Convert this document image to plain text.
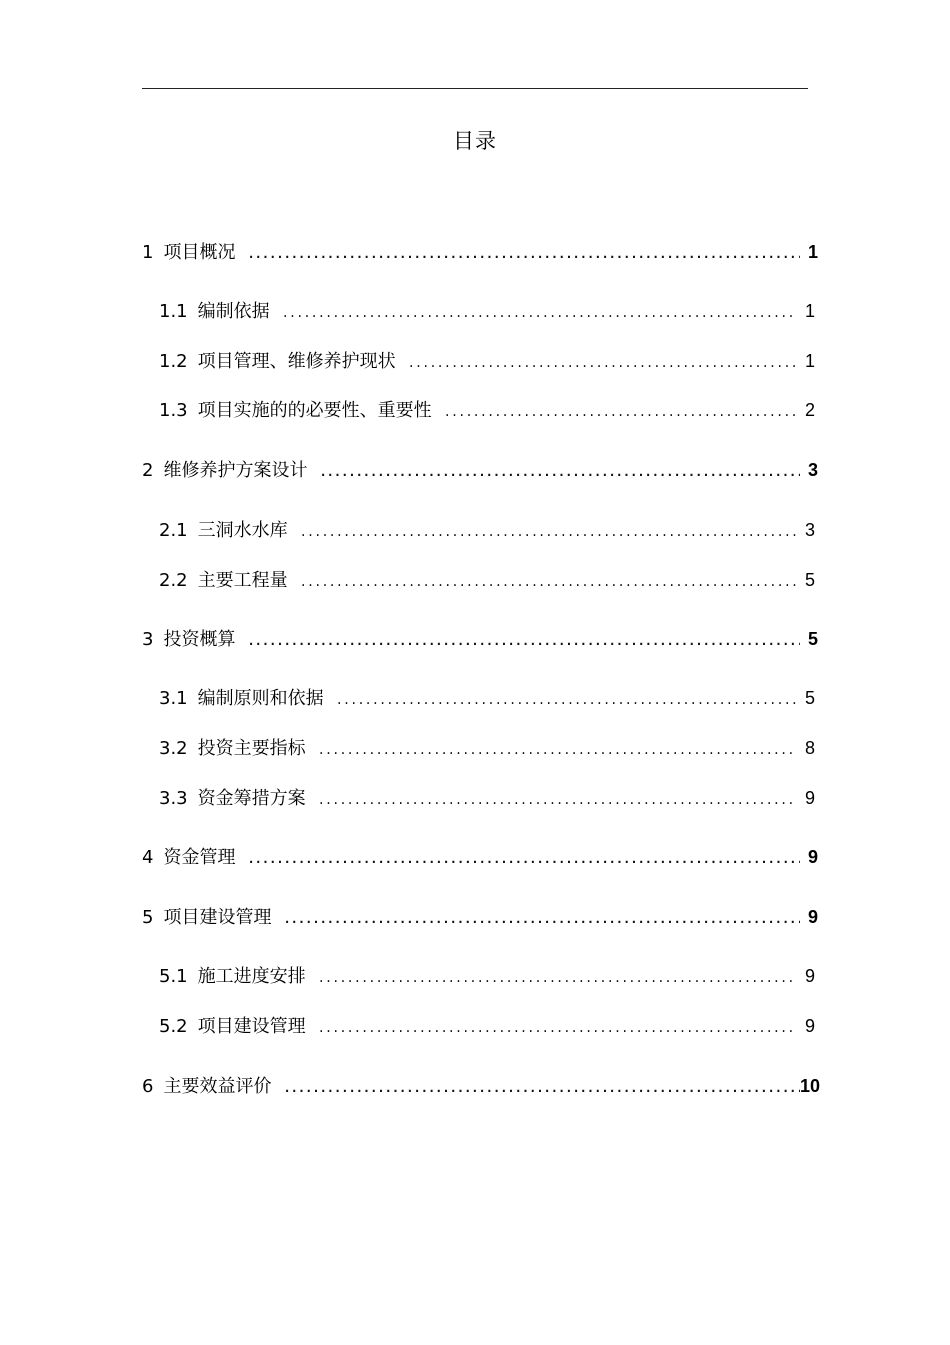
目录
1 项目概况 .....	1
1.1 编制依据 .....	1
1.2 项目管理、维修养护现状 .....	1
1.3 项目实施的的必要性、重要性 .....	2
2 维修养护方案设计 .....	3
2.1 三洞水水库 .....	3
2.2 主要工程量 .....	5
3 投资概算 .....	5
3.1 编制原则和依据 .....	5
3.2 投资主要指标 .....	8
3.3 资金筹措方案 .....	9
4 资金管理 .....	9
5 项目建设管理 .....	9
5.1 施工进度安排 .....	9
5.2 项目建设管理 .....	9
6 主要效益评价 .....	10
